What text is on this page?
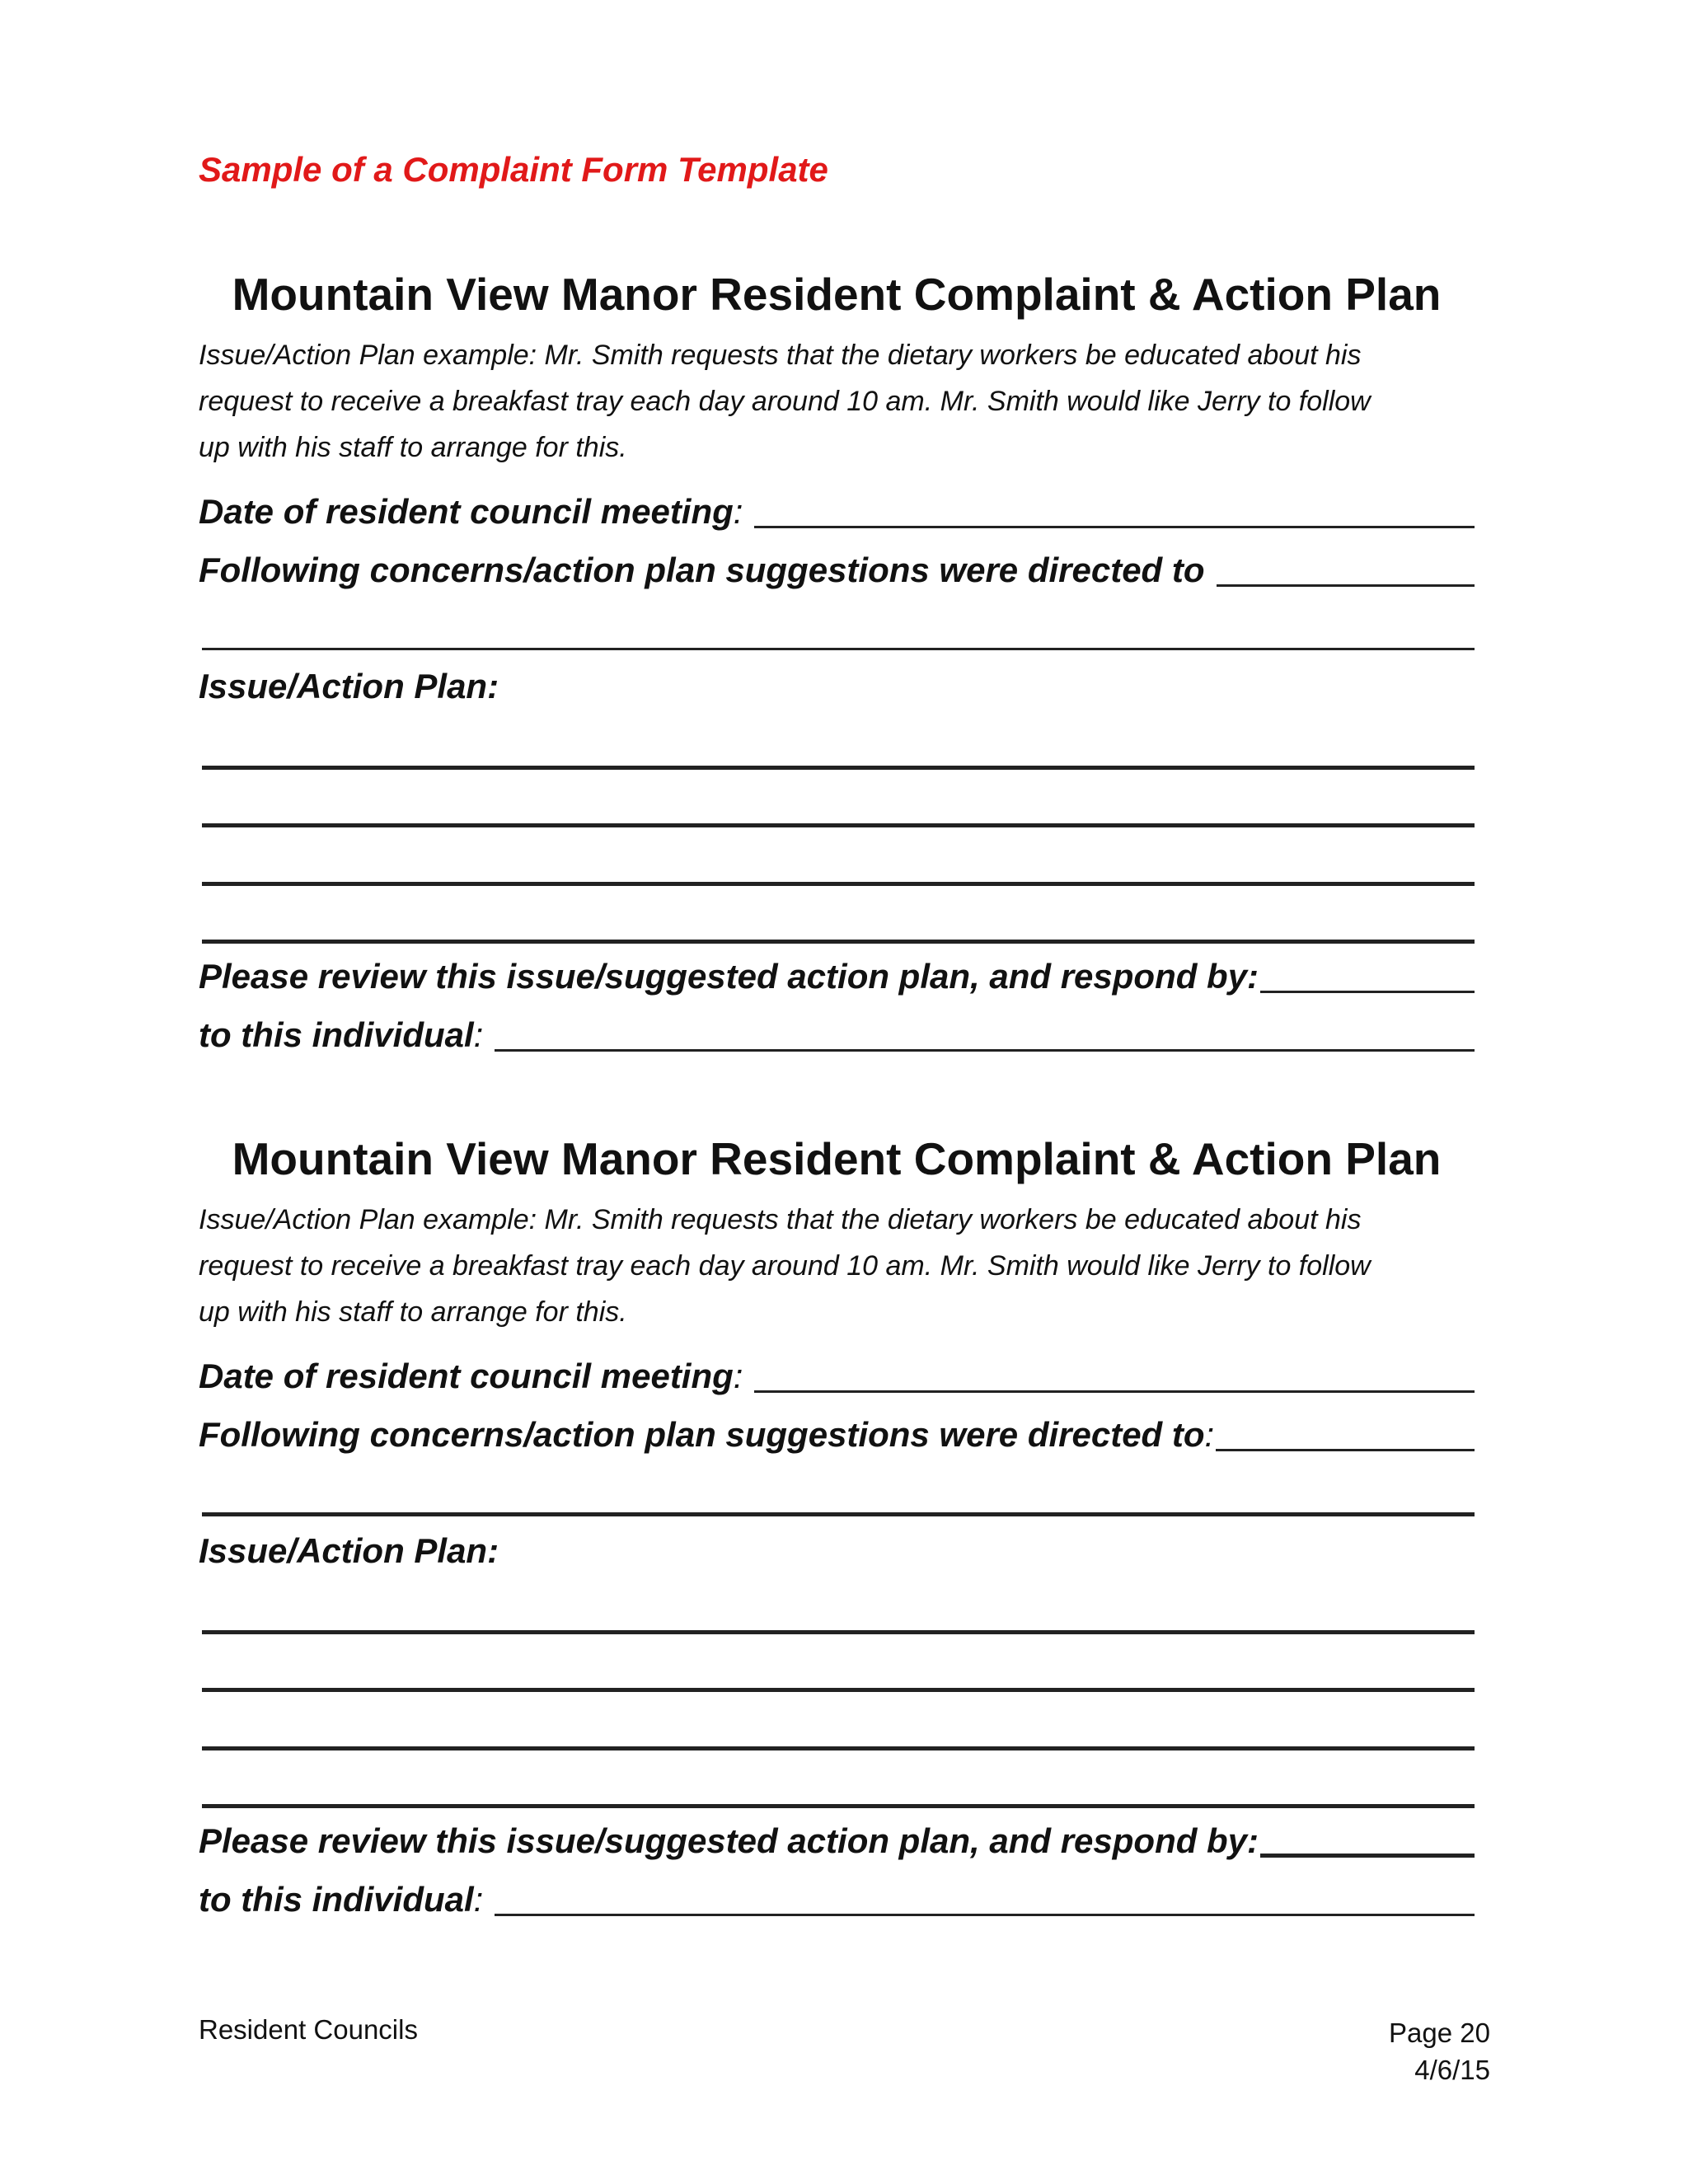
Sample of a Complaint Form Template
Mountain View Manor Resident Complaint & Action Plan
Issue/Action Plan example: Mr. Smith requests that the dietary workers be educated about his
request to receive a breakfast tray each day around 10 am. Mr. Smith would like Jerry to follow
up with his staff to arrange for this.
Date of resident council meeting:
Following concerns/action plan suggestions were directed to
Issue/Action Plan:
Please review this issue/suggested action plan, and respond by:
to this individual:
Mountain View Manor Resident Complaint & Action Plan
Issue/Action Plan example: Mr. Smith requests that the dietary workers be educated about his
request to receive a breakfast tray each day around 10 am. Mr. Smith would like Jerry to follow
up with his staff to arrange for this.
Date of resident council meeting:
Following concerns/action plan suggestions were directed to:
Issue/Action Plan:
Please review this issue/suggested action plan, and respond by:
to this individual:
Resident Councils	Page 20
4/6/15
